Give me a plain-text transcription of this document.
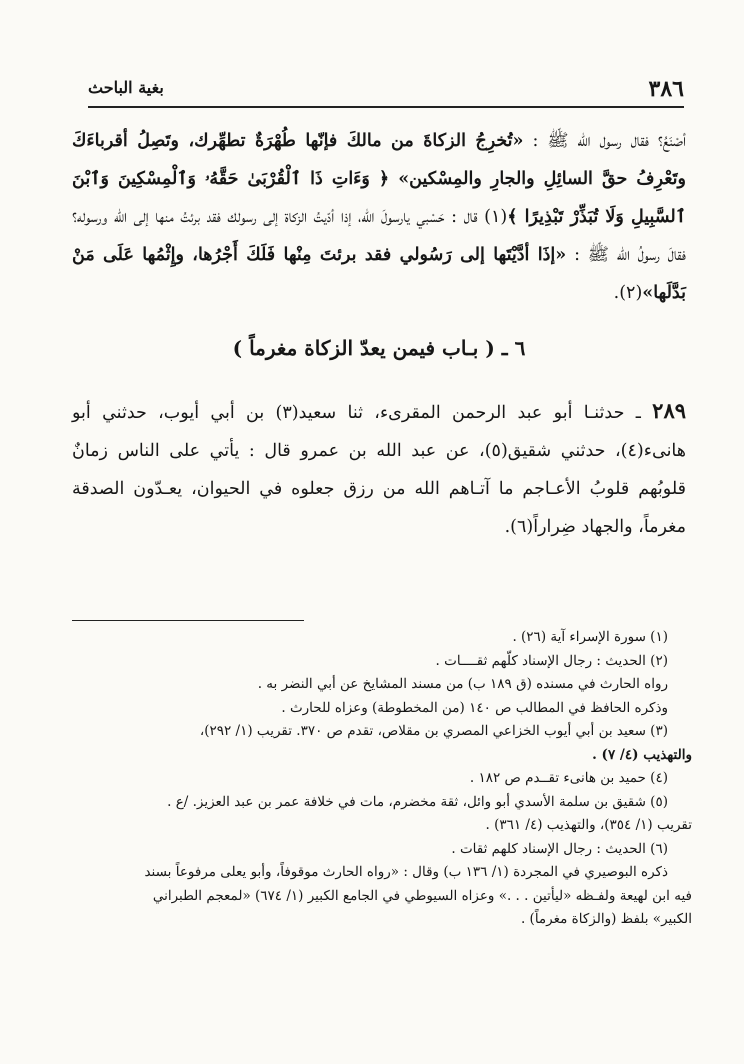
٣٨٦
بغية الباحث
أصْنَعُ؟ فقال رسول الله ﷺ : «تُخرِجُ الزكاةَ من مالكَ فإنّها طُهْرَةٌ تطهِّرك، وتَصِلُ أقرباءَكَ وتَعْرِفُ حقَّ السائِلِ والجارِ والمِسْكين» ﴿ وَءَاتِ ذَا ٱلْقُرْبَىٰ حَقَّهُۥ وَٱلْمِسْكِينَ وَٱبْنَ ٱلسَّبِيلِ وَلَا تُبَذِّرْ تَبْذِيرًا ﴾(١) قال : حَسْبي يارسولَ الله، إذا أدّيتُ الزكاة إلى رسولك فقد برئتُ منها إلى الله ورسوله؟ فقالَ رسولُ الله ﷺ : «إذَا أدَّيْتَها إلى رَسُولي فقد برئتَ مِنْها فَلَكَ أَجْرُها، وإِثْمُها عَلَى مَنْ بَدَّلَها»(٢).
٦ ـ ( بـاب فيمن يعدّ الزكاة مغرماً )
٢٨٩ ـ حدثنـا أبو عبد الرحمن المقرىء، ثنا سعيد(٣) بن أبي أيوب، حدثني أبو هانىء(٤)، حدثني شقيق(٥)، عن عبد الله بن عمرو قال : يأتي على الناس زمانٌ قلوبُهم قلوبُ الأعـاجم ما آتـاهم الله من رزق جعلوه في الحيوان، يعـدّون الصدقة مغرماً، والجهاد ضِراراً(٦).
(١) سورة الإسراء آية (٢٦) .
(٢) الحديث : رجال الإسناد كلّهم ثقــــات .
رواه الحارث في مسنده (ق ١٨٩ ب) من مسند المشايخ عن أبي النضر به .
وذكره الحافظ في المطالب ص ١٤٠ (من المخطوطة) وعزاه للحارث .
(٣) سعيد بن أبي أيوب الخزاعي المصري بن مقلاص، تقدم ص ٣٧٠. تقريب (١/ ٢٩٢)،
والتهذيب (٤/ ٧) .
(٤) حميد بن هانىء تقــدم ص ١٨٢ .
(٥) شقيق بن سلمة الأسدي أبو وائل، ثقة مخضرم، مات في خلافة عمر بن عبد العزيز. /ع .
تقريب (١/ ٣٥٤)، والتهذيب (٤/ ٣٦١) .
(٦) الحديث : رجال الإسناد كلهم ثقات .
ذكره البوصيري في المجردة (١/ ١٣٦ ب) وقال : «رواه الحارث موقوفاً، وأبو يعلى مرفوعاً بسند
فيه ابن لهيعة ولفـظه «ليأتين . . .» وعزاه السيوطي في الجامع الكبير (١/ ٦٧٤) «لمعجم الطبراني
الكبير» بلفظ (والزكاة مغرماً) .
